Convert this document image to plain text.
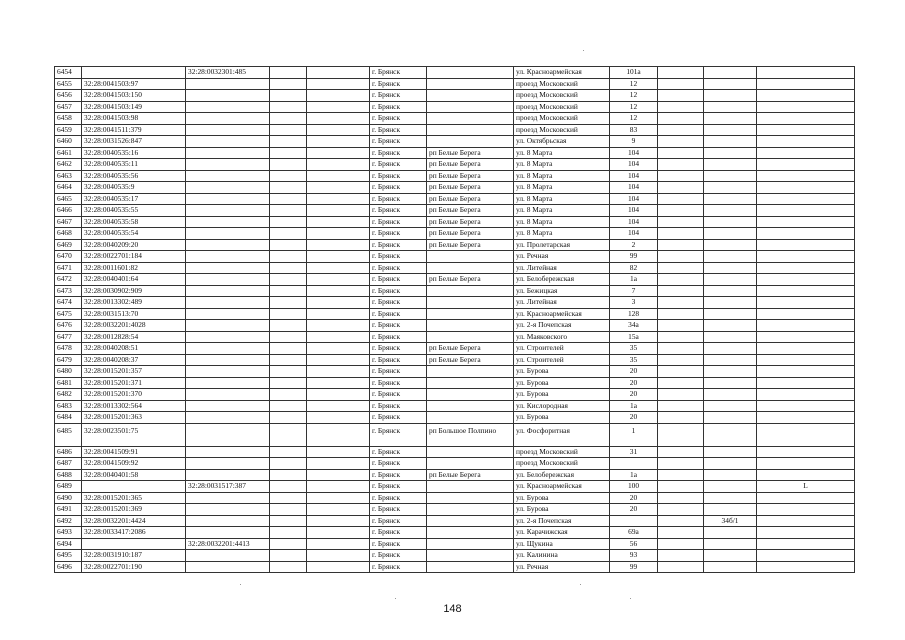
6454		32:28:0032301:485			г. Брянск		ул. Красноармейская	101а			
6455	32:28:0041503:97				г. Брянск		проезд Московский	12			
6456	32:28:0041503:150				г. Брянск		проезд Московский	12			
6457	32:28:0041503:149				г. Брянск		проезд Московский	12			
6458	32:28:0041503:98				г. Брянск		проезд Московский	12			
6459	32:28:0041511:379				г. Брянск		проезд Московский	83			
6460	32:28:0031526:847				г. Брянск		ул. Октябрьская	9			
6461	32:28:0040535:16				г. Брянск	рп Белые Берега	ул. 8 Марта	104			
6462	32:28:0040535:11				г. Брянск	рп Белые Берега	ул. 8 Марта	104			
6463	32:28:0040535:56				г. Брянск	рп Белые Берега	ул. 8 Марта	104			
6464	32:28:0040535:9				г. Брянск	рп Белые Берега	ул. 8 Марта	104			
6465	32:28:0040535:17				г. Брянск	рп Белые Берега	ул. 8 Марта	104			
6466	32:28:0040535:55				г. Брянск	рп Белые Берега	ул. 8 Марта	104			
6467	32:28:0040535:58				г. Брянск	рп Белые Берега	ул. 8 Марта	104			
6468	32:28:0040535:54				г. Брянск	рп Белые Берега	ул. 8 Марта	104			
6469	32:28:0040209:20				г. Брянск	рп Белые Берега	ул. Пролетарская	2			
6470	32:28:0022701:184				г. Брянск		ул. Речная	99			
6471	32:28:0011601:82				г. Брянск		ул. Литейная	82			
6472	32:28:0040401:64				г. Брянск	рп Белые Берега	ул. Белобережская	1а			
6473	32:28:0030902:909				г. Брянск		ул. Бежицкая	7			
6474	32:28:0013302:489				г. Брянск		ул. Литейная	3			
6475	32:28:0031513:70				г. Брянск		ул. Красноармейская	128			
6476	32:28:0032201:4028				г. Брянск		ул. 2-я Почепская	34а			
6477	32:28:0012828:54				г. Брянск		ул. Маяковского	15а			
6478	32:28:0040208:51				г. Брянск	рп Белые Берега	ул. Строителей	35			
6479	32:28:0040208:37				г. Брянск	рп Белые Берега	ул. Строителей	35			
6480	32:28:0015201:357				г. Брянск		ул. Бурова	20			
6481	32:28:0015201:371				г. Брянск		ул. Бурова	20			
6482	32:28:0015201:370				г. Брянск		ул. Бурова	20			
6483	32:28:0013302:564				г. Брянск		ул. Кислородная	1а			
6484	32:28:0015201:363				г. Брянск		ул. Бурова	20			
6485	32:28:0023501:75				г. Брянск	рп Большое Полпино	ул. Фосфоритная	1			
6486	32:28:0041509:91				г. Брянск		проезд Московский	31			
6487	32:28:0041509:92				г. Брянск		проезд Московский				
6488	32:28:0040401:58				г. Брянск	рп Белые Берега	ул. Белобережская	1а			
6489		32:28:0031517:387			г. Брянск		ул. Красноармейская	100			L
6490	32:28:0015201:365				г. Брянск		ул. Бурова	20			
6491	32:28:0015201:369				г. Брянск		ул. Бурова	20			
6492	32:28:0032201:4424				г. Брянск		ул. 2-я Почепская			34б/1	
6493	32:28:0033417:2086				г. Брянск		ул. Карачижская	69а			
6494		32:28:0032201:4413			г. Брянск		ул. Щукина	56			
6495	32:28:0031910:187				г. Брянск		ул. Калинина	93			
6496	32:28:0022701:190				г. Брянск		ул. Речная	99			
148
